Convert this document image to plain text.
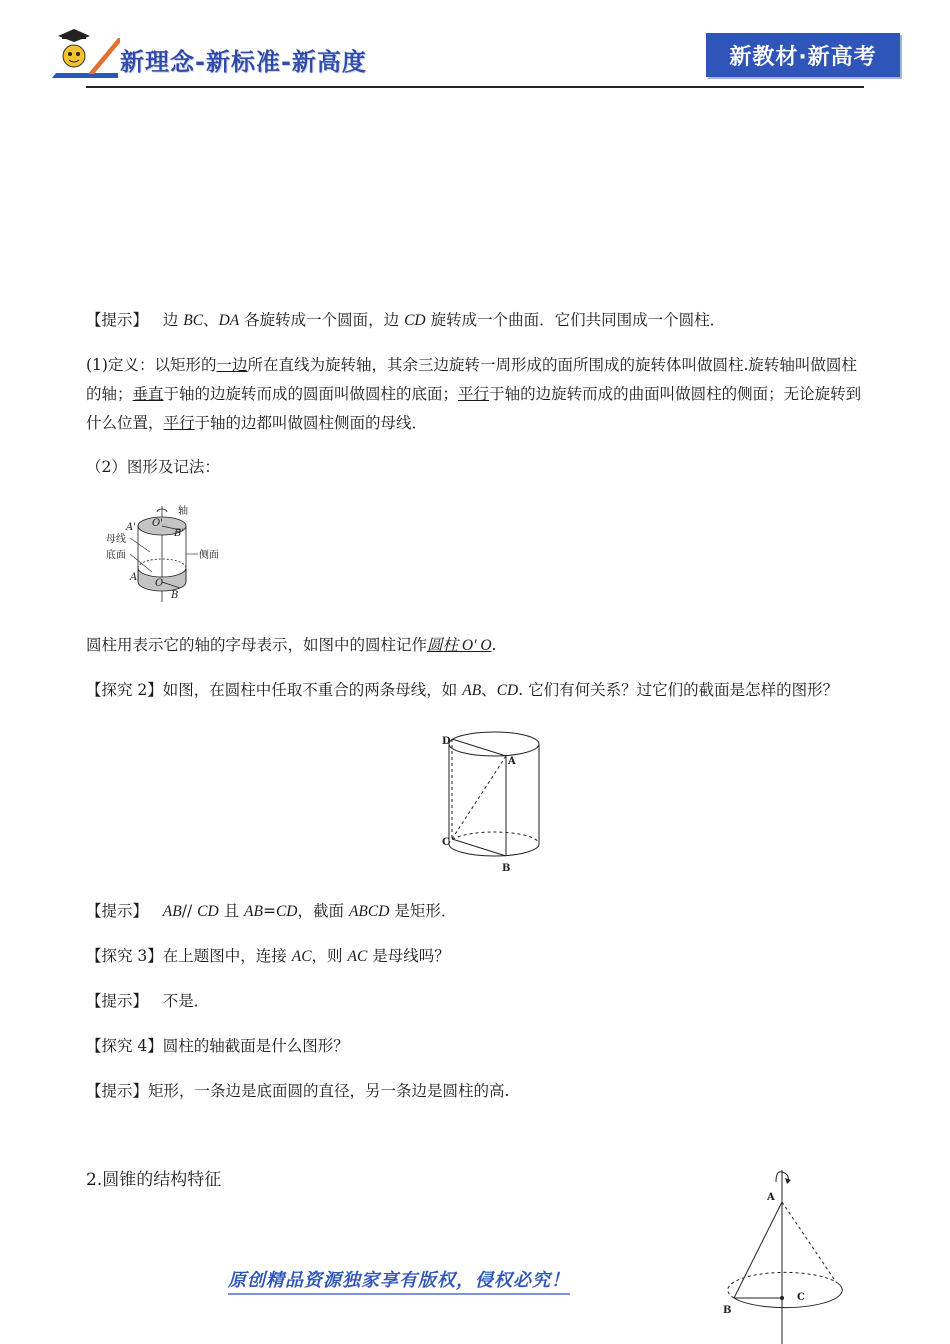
新理念-新标准-新高度	新教材·新高考
【提示】 边 BC、DA 各旋转成一个圆面，边 CD 旋转成一个曲面．它们共同围成一个圆柱．
(1)定义：以矩形的一边所在直线为旋转轴，其余三边旋转一周形成的面所围成的旋转体叫做圆柱.旋转轴叫做圆柱的轴；垂直于轴的边旋转而成的圆面叫做圆柱的底面；平行于轴的边旋转而成的曲面叫做圆柱的侧面；无论旋转到什么位置，平行于轴的边都叫做圆柱侧面的母线．
（2）图形及记法：
轴
A' O'
B'
母线
底面	侧面
A
O
B
圆柱用表示它的轴的字母表示，如图中的圆柱记作圆柱 O′ O.
【探究 2】如图，在圆柱中任取不重合的两条母线，如 AB、CD. 它们有何关系？过它们的截面是怎样的图形？
D
A
C
B
【提示】 AB// CD 且 AB=CD，截面 ABCD 是矩形．
【探究 3】在上题图中，连接 AC，则 AC 是母线吗？
【提示】 不是．
【探究 4】圆柱的轴截面是什么图形？
【提示】矩形，一条边是底面圆的直径，另一条边是圆柱的高.
2.圆锥的结构特征
A
B
C
原创精品资源独家享有版权，侵权必究！
